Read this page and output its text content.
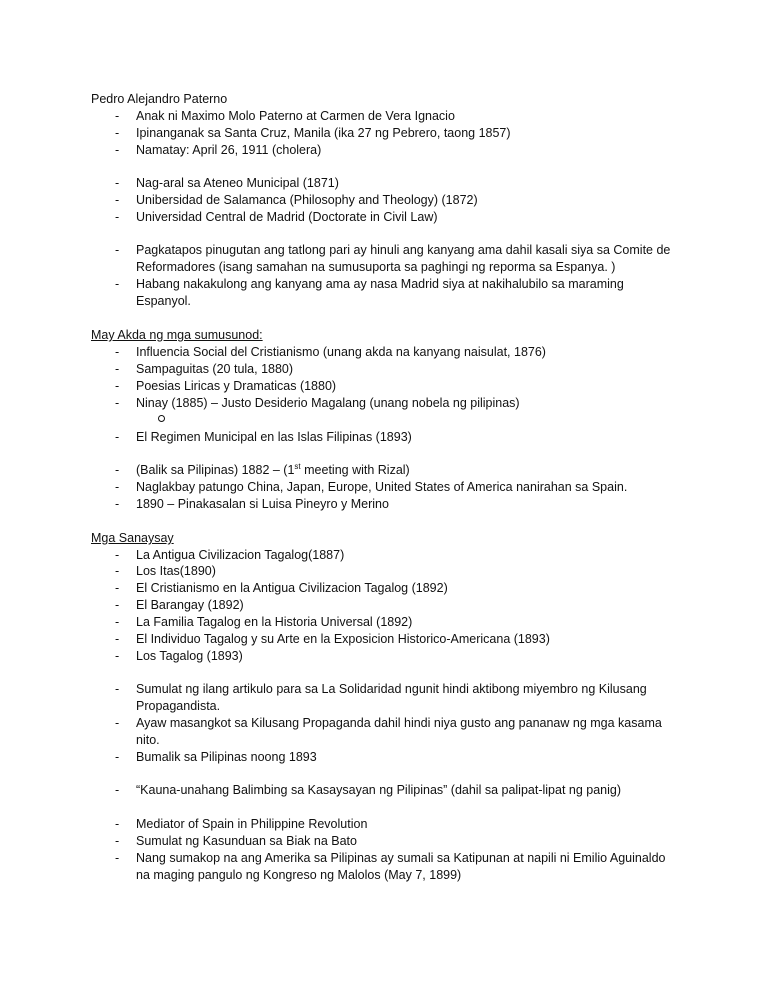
Pedro Alejandro Paterno
- Anak ni Maximo Molo Paterno at Carmen de Vera Ignacio
- Ipinanganak sa Santa Cruz, Manila (ika 27 ng Pebrero, taong 1857)
- Namatay: April 26, 1911 (cholera)
- Nag-aral sa Ateneo Municipal (1871)
- Unibersidad de Salamanca (Philosophy and Theology) (1872)
- Universidad Central de Madrid (Doctorate in Civil Law)
- Pagkatapos pinugutan ang tatlong pari ay hinuli ang kanyang ama dahil kasali siya sa Comite de
Reformadores (isang samahan na sumusuporta sa paghingi ng reporma sa Espanya. )
- Habang nakakulong ang kanyang ama ay nasa Madrid siya at nakihalubilo sa maraming
Espanyol.
May Akda ng mga sumusunod:
- Influencia Social del Cristianismo (unang akda na kanyang naisulat, 1876)
- Sampaguitas (20 tula, 1880)
- Poesias Liricas y Dramaticas (1880)
- Ninay (1885) – Justo Desiderio Magalang (unang nobela ng pilipinas)
- El Regimen Municipal en las Islas Filipinas (1893)
- (Balik sa Pilipinas) 1882 – (1st meeting with Rizal)
- Naglakbay patungo China, Japan, Europe, United States of America nanirahan sa Spain.
- 1890 – Pinakasalan si Luisa Pineyro y Merino
Mga Sanaysay
- La Antigua Civilizacion Tagalog(1887)
- Los Itas(1890)
- El Cristianismo en la Antigua Civilizacion Tagalog (1892)
- El Barangay (1892)
- La Familia Tagalog en la Historia Universal (1892)
- El Individuo Tagalog y su Arte en la Exposicion Historico-Americana (1893)
- Los Tagalog (1893)
- Sumulat ng ilang artikulo para sa La Solidaridad ngunit hindi aktibong miyembro ng Kilusang
Propagandista.
- Ayaw masangkot sa Kilusang Propaganda dahil hindi niya gusto ang pananaw ng mga kasama
nito.
- Bumalik sa Pilipinas noong 1893
- “Kauna-unahang Balimbing sa Kasaysayan ng Pilipinas” (dahil sa palipat-lipat ng panig)
- Mediator of Spain in Philippine Revolution
- Sumulat ng Kasunduan sa Biak na Bato
- Nang sumakop na ang Amerika sa Pilipinas ay sumali sa Katipunan at napili ni Emilio Aguinaldo
na maging pangulo ng Kongreso ng Malolos (May 7, 1899)
